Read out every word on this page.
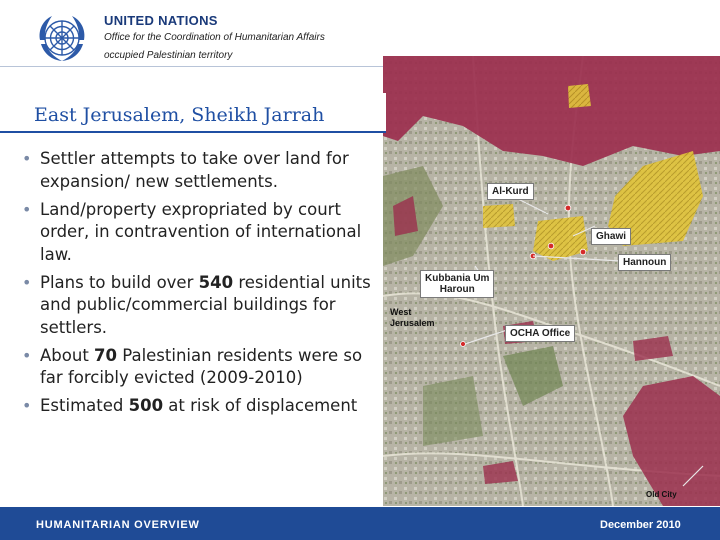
UNITED NATIONS
Office for the Coordination of Humanitarian Affairs
occupied Palestinian territory
Al-Kurd
Ghawi
Hannoun
Kubbania Um
Haroun
West
Jerusalem
OCHA Office
Old City
East Jerusalem, Sheikh Jarrah
• Settler attempts to take over land for expansion/ new settlements.
• Land/property expropriated by court order, in contravention of international law.
• Plans to build over 540 residential units and public/commercial buildings for settlers.
• About 70 Palestinian residents were so far forcibly evicted (2009-2010)
• Estimated 500 at risk of displacement
HUMANITARIAN OVERVIEW	December 2010
